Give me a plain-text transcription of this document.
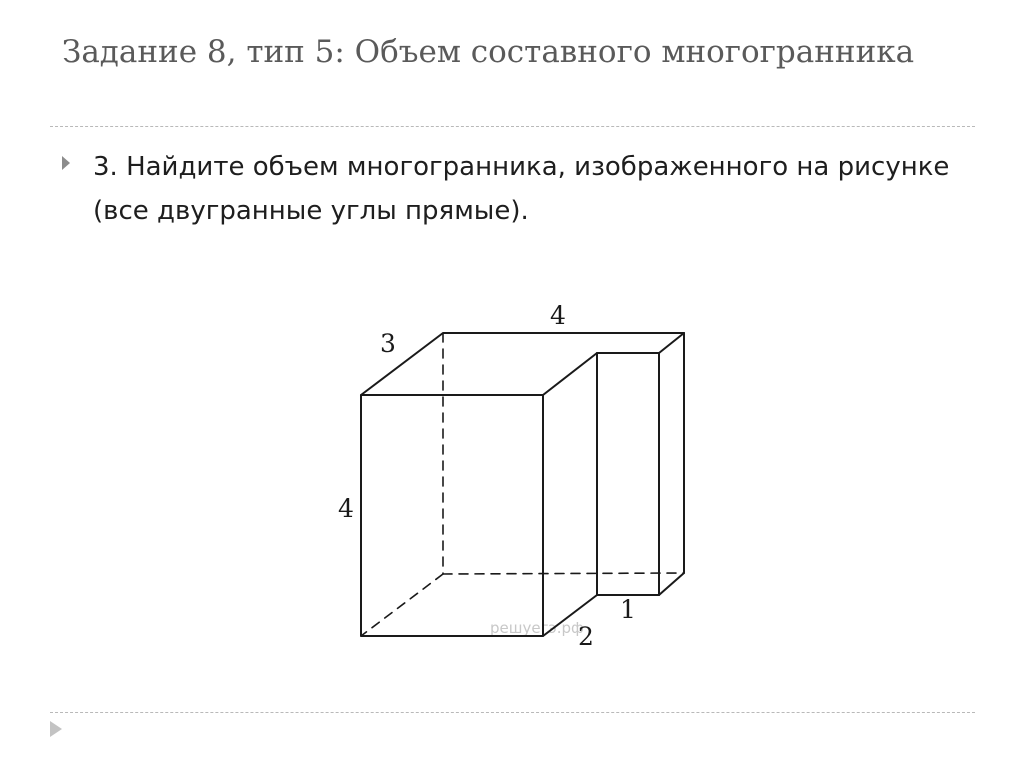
Задание 8, тип 5: Объем составного многогранника

3. Найдите объем многогранника, изображенного на рисунке (все двугранные углы прямые).

решуегэ.рф
4
3
4
2
1
